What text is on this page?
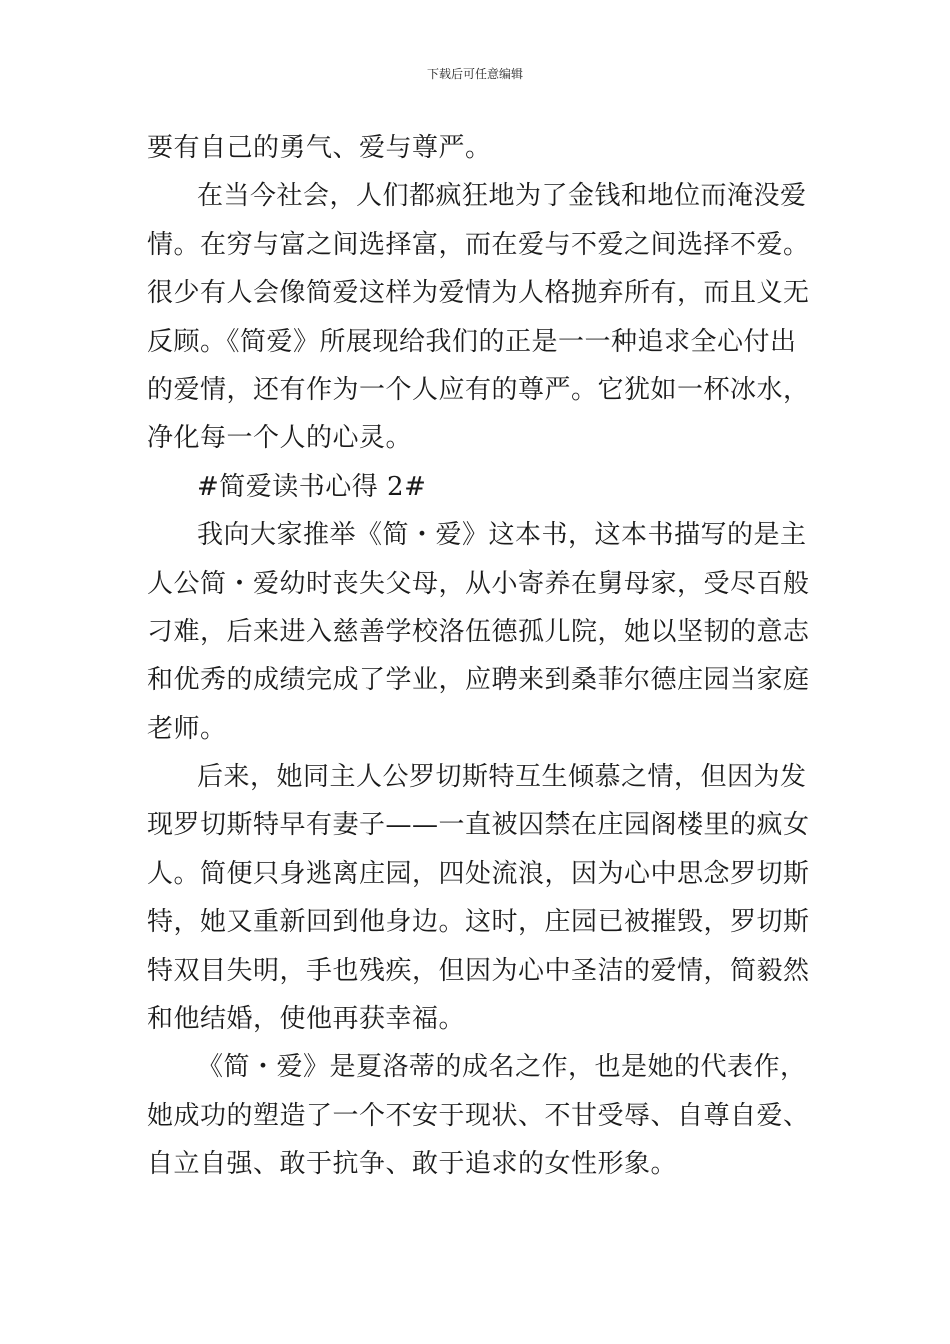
下载后可任意编辑
要有自己的勇气、爱与尊严。
在当今社会，人们都疯狂地为了金钱和地位而淹没爱
情。在穷与富之间选择富，而在爱与不爱之间选择不爱。
很少有人会像简爱这样为爱情为人格抛弃所有，而且义无
反顾。《简爱》所展现给我们的正是一一种追求全心付出
的爱情，还有作为一个人应有的尊严。它犹如一杯冰水，
净化每一个人的心灵。
#简爱读书心得 2#
我向大家推举《简・爱》这本书，这本书描写的是主
人公简・爱幼时丧失父母，从小寄养在舅母家，受尽百般
刁难，后来进入慈善学校洛伍德孤儿院，她以坚韧的意志
和优秀的成绩完成了学业，应聘来到桑菲尔德庄园当家庭
老师。
后来，她同主人公罗切斯特互生倾慕之情，但因为发
现罗切斯特早有妻子——一直被囚禁在庄园阁楼里的疯女
人。简便只身逃离庄园，四处流浪，因为心中思念罗切斯
特，她又重新回到他身边。这时，庄园已被摧毁，罗切斯
特双目失明，手也残疾，但因为心中圣洁的爱情，简毅然
和他结婚，使他再获幸福。
《简・爱》是夏洛蒂的成名之作，也是她的代表作，
她成功的塑造了一个不安于现状、不甘受辱、自尊自爱、
自立自强、敢于抗争、敢于追求的女性形象。
